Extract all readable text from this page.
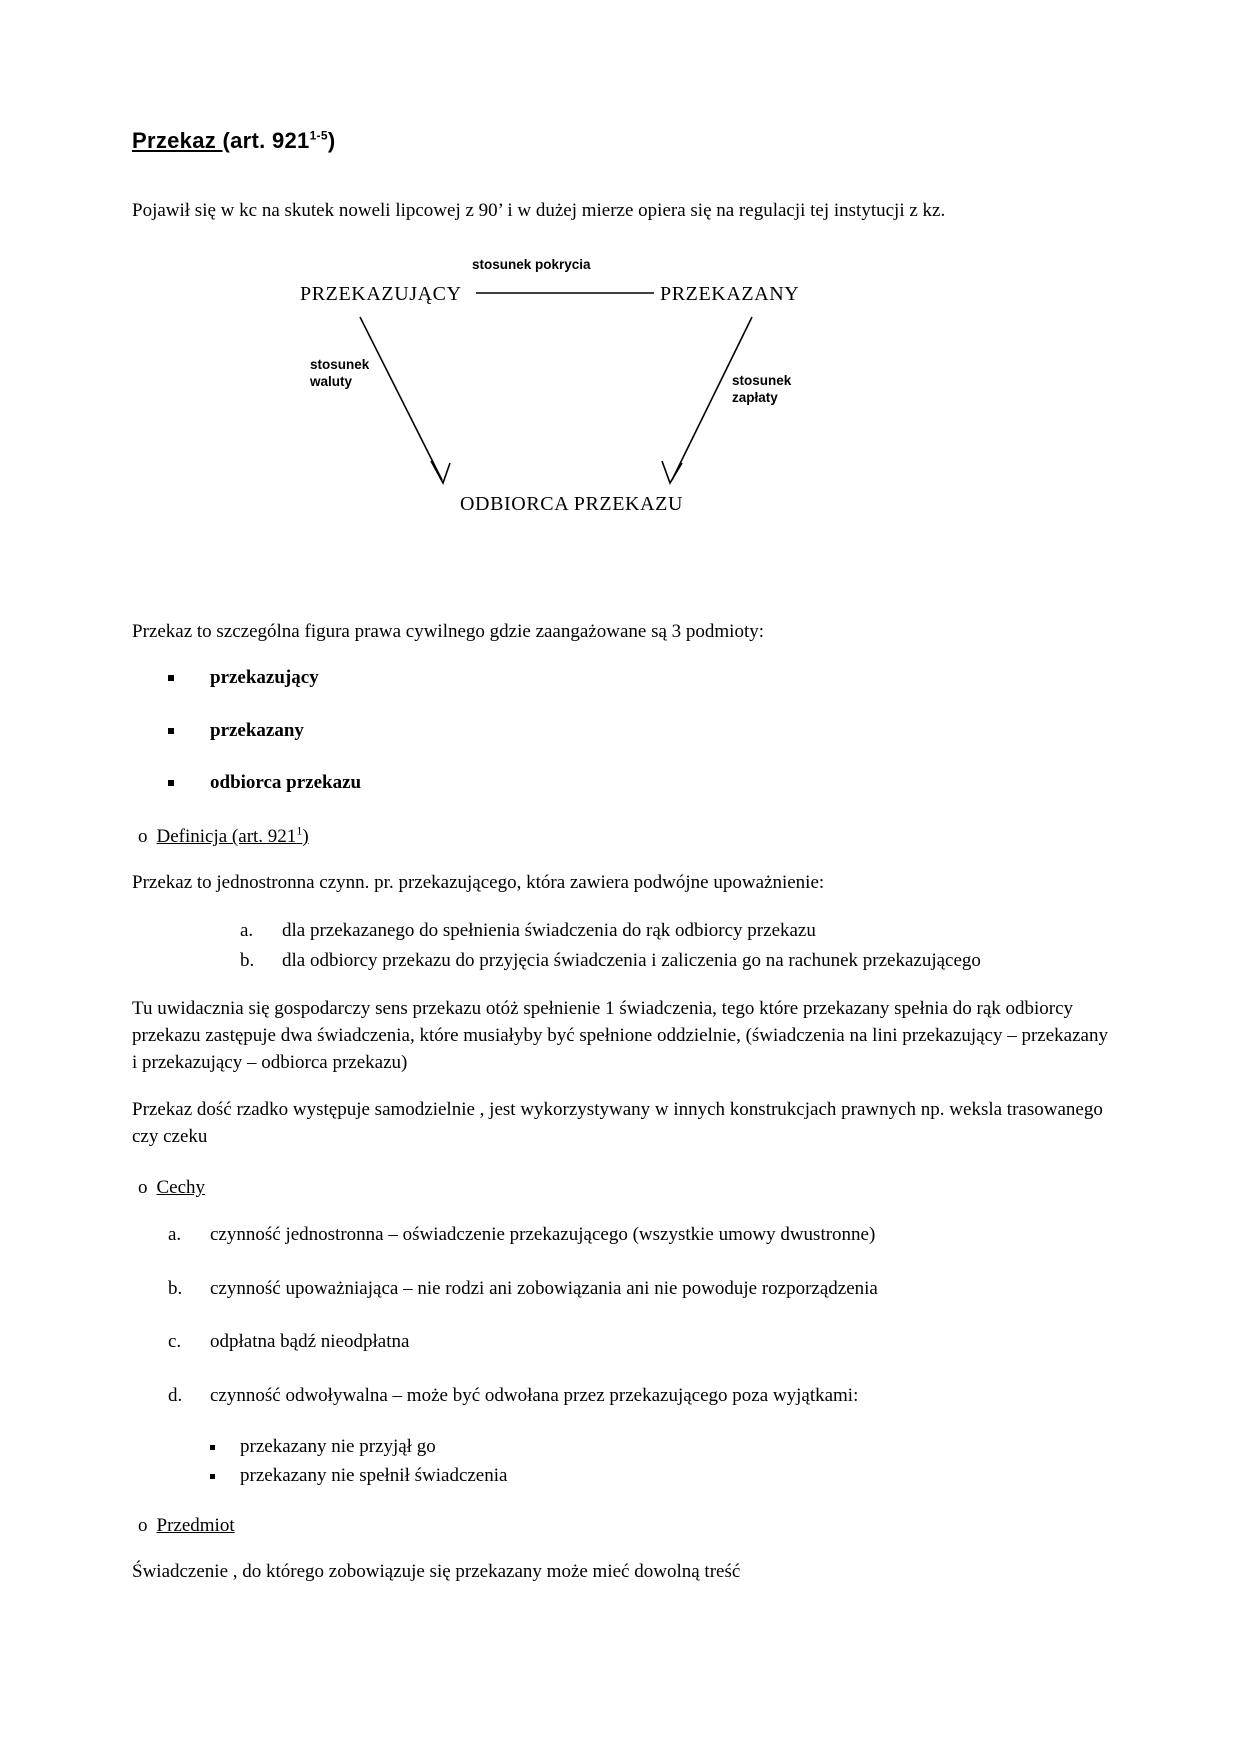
Przekaz (art. 921$^{1-5}$)

Pojawił się w kc na skutek noweli lipcowej z 90’ i w dużej mierze opiera się na regulacji tej instytucji z kz.

stosunek pokrycia
PRZEKAZUJĄCY	PRZEKAZANY
stosunek
waluty	stosunek
zapłaty
ODBIORCA PRZEKAZU

Przekaz to szczególna figura prawa cywilnego gdzie zaangażowane są 3 podmioty:

przekazujący
przekazany
odbiorca przekazu
o Definicja (art. $921^1$)

Przekaz to jednostronna czynn. pr. przekazującego, która zawiera podwójne upoważnienie:

a.	dla przekazanego do spełnienia świadczenia do rąk odbiorcy przekazu
b.	dla odbiorcy przekazu do przyjęcia świadczenia i zaliczenia go na rachunek przekazującego

Tu uwidacznia się gospodarczy sens przekazu otóż spełnienie 1 świadczenia, tego które przekazany spełnia do rąk odbiorcy przekazu zastępuje dwa świadczenia, które musiałyby być spełnione oddzielnie, (świadczenia na lini przekazujący – przekazany i przekazujący – odbiorca przekazu)

Przekaz dość rzadko występuje samodzielnie , jest wykorzystywany w innych konstrukcjach prawnych np. weksla trasowanego czy czeku

o Cechy
a.	czynność jednostronna – oświadczenie przekazującego (wszystkie umowy dwustronne)
b.	czynność upoważniająca – nie rodzi ani zobowiązania ani nie powoduje rozporządzenia
c.	odpłatna bądź nieodpłatna
d.	czynność odwoływalna – może być odwołana przez przekazującego poza wyjątkami:
przekazany nie przyjął go
przekazany nie spełnił świadczenia
o Przedmiot

Świadczenie , do którego zobowiązuje się przekazany może mieć dowolną treść
